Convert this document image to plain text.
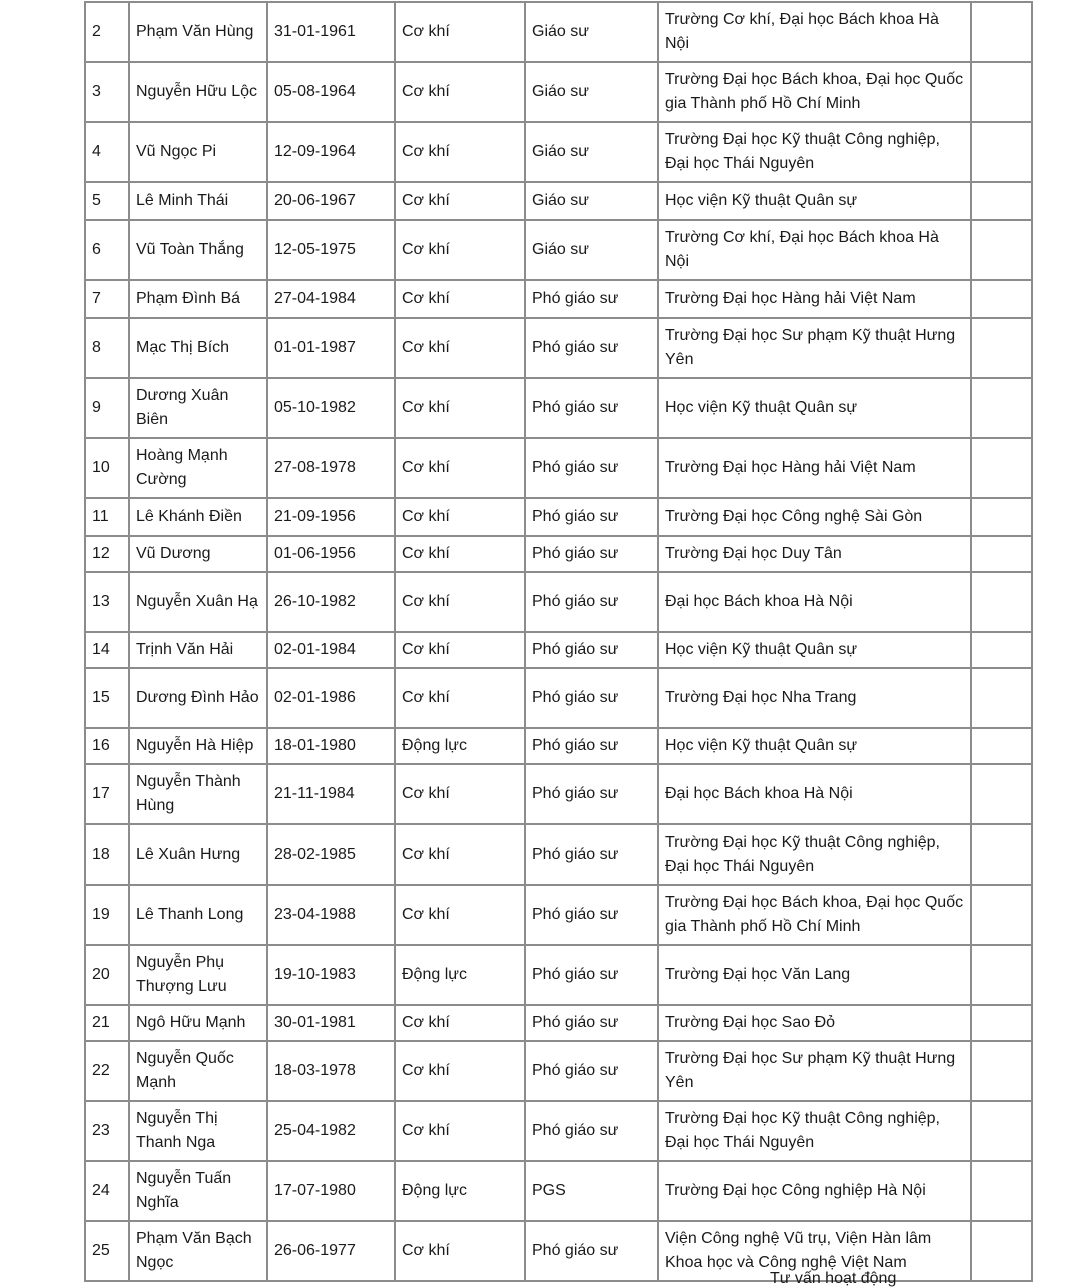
2	Phạm Văn Hùng	31-01-1961	Cơ khí	Giáo sư	Trường Cơ khí, Đại học Bách khoa Hà Nội	
3	Nguyễn Hữu Lộc	05-08-1964	Cơ khí	Giáo sư	Trường Đại học Bách khoa, Đại học Quốc gia Thành phố Hồ Chí Minh	
4	Vũ Ngọc Pi	12-09-1964	Cơ khí	Giáo sư	Trường Đại học Kỹ thuật Công nghiệp, Đại học Thái Nguyên	
5	Lê Minh Thái	20-06-1967	Cơ khí	Giáo sư	Học viện Kỹ thuật Quân sự	
6	Vũ Toàn Thắng	12-05-1975	Cơ khí	Giáo sư	Trường Cơ khí, Đại học Bách khoa Hà Nội	
7	Phạm Đình Bá	27-04-1984	Cơ khí	Phó giáo sư	Trường Đại học Hàng hải Việt Nam	
8	Mạc Thị Bích	01-01-1987	Cơ khí	Phó giáo sư	Trường Đại học Sư phạm Kỹ thuật Hưng Yên	
9	Dương Xuân Biên	05-10-1982	Cơ khí	Phó giáo sư	Học viện Kỹ thuật Quân sự	
10	Hoàng Mạnh Cường	27-08-1978	Cơ khí	Phó giáo sư	Trường Đại học Hàng hải Việt Nam	
11	Lê Khánh Điền	21-09-1956	Cơ khí	Phó giáo sư	Trường Đại học Công nghệ Sài Gòn	
12	Vũ Dương	01-06-1956	Cơ khí	Phó giáo sư	Trường Đại học Duy Tân	
13	Nguyễn Xuân Hạ	26-10-1982	Cơ khí	Phó giáo sư	Đại học Bách khoa Hà Nội	
14	Trịnh Văn Hải	02-01-1984	Cơ khí	Phó giáo sư	Học viện Kỹ thuật Quân sự	
15	Dương Đình Hảo	02-01-1986	Cơ khí	Phó giáo sư	Trường Đại học Nha Trang	
16	Nguyễn Hà Hiệp	18-01-1980	Động lực	Phó giáo sư	Học viện Kỹ thuật Quân sự	
17	Nguyễn Thành Hùng	21-11-1984	Cơ khí	Phó giáo sư	Đại học Bách khoa Hà Nội	
18	Lê Xuân Hưng	28-02-1985	Cơ khí	Phó giáo sư	Trường Đại học Kỹ thuật Công nghiệp, Đại học Thái Nguyên	
19	Lê Thanh Long	23-04-1988	Cơ khí	Phó giáo sư	Trường Đại học Bách khoa, Đại học Quốc gia Thành phố Hồ Chí Minh	
20	Nguyễn Phụ Thượng Lưu	19-10-1983	Động lực	Phó giáo sư	Trường Đại học Văn Lang	
21	Ngô Hữu Mạnh	30-01-1981	Cơ khí	Phó giáo sư	Trường Đại học Sao Đỏ	
22	Nguyễn Quốc Mạnh	18-03-1978	Cơ khí	Phó giáo sư	Trường Đại học Sư phạm Kỹ thuật Hưng Yên	
23	Nguyễn Thị Thanh Nga	25-04-1982	Cơ khí	Phó giáo sư	Trường Đại học Kỹ thuật Công nghiệp, Đại học Thái Nguyên	
24	Nguyễn Tuấn Nghĩa	17-07-1980	Động lực	PGS	Trường Đại học Công nghiệp Hà Nội	
25	Phạm Văn Bạch Ngọc	26-06-1977	Cơ khí	Phó giáo sư	Viện Công nghệ Vũ trụ, Viện Hàn lâm Khoa học và Công nghệ Việt Nam	
Tư vấn hoạt động
